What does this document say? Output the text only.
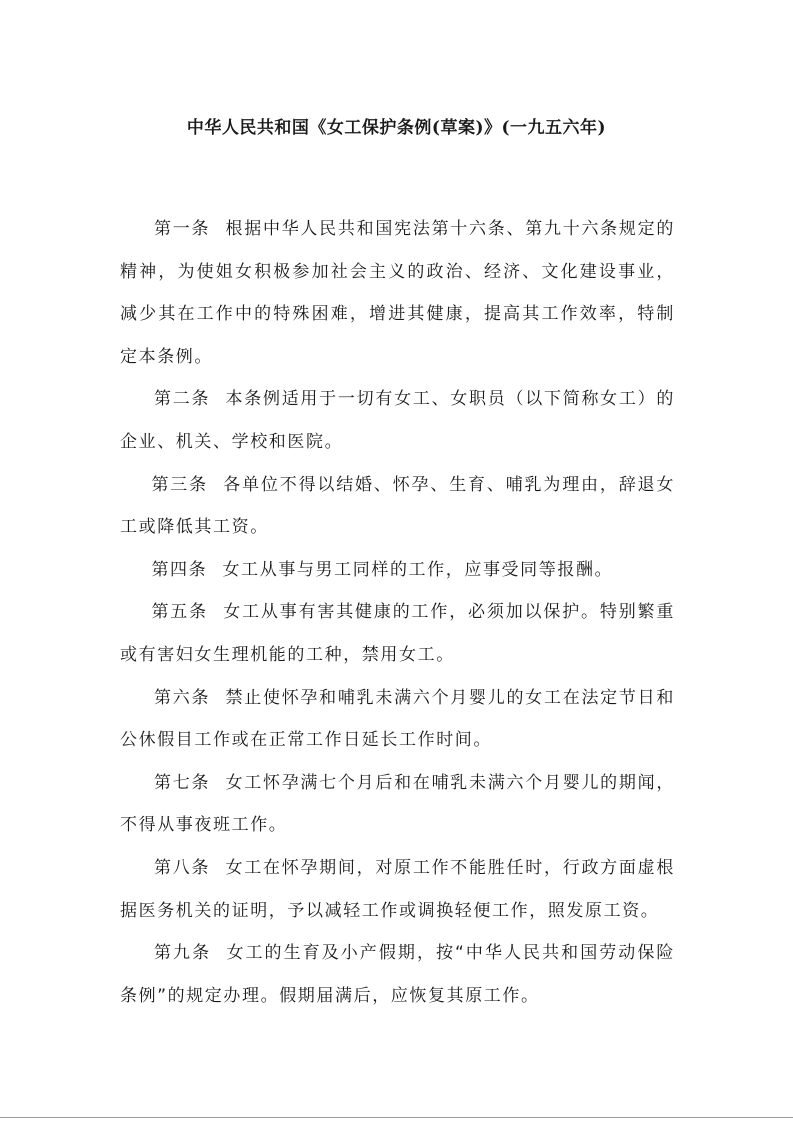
中华人民共和国《女工保护条例(草案)》(一九五六年)

第一条 根据中华人民共和国宪法第十六条、第九十六条规定的精神，为使姐女积极参加社会主义的政治、经济、文化建设事业，减少其在工作中的特殊困难，增进其健康，提高其工作效率，特制定本条例。

第二条 本条例适用于一切有女工、女职员（以下简称女工）的企业、机关、学校和医院。

第三条 各单位不得以结婚、怀孕、生育、哺乳为理由，辞退女工或降低其工资。

第四条 女工从事与男工同样的工作，应事受同等报酬。

第五条 女工从事有害其健康的工作，必须加以保护。特别繁重或有害妇女生理机能的工种，禁用女工。

第六条 禁止使怀孕和哺乳未满六个月婴儿的女工在法定节日和公休假目工作或在正常工作日延长工作时间。

第七条 女工怀孕满七个月后和在哺乳未满六个月婴儿的期闻，不得从事夜班工作。

第八条 女工在怀孕期间，对原工作不能胜任时，行政方面虚根据医务机关的证明，予以减轻工作或调换轻便工作，照发原工资。

第九条 女工的生育及小产假期，按“中华人民共和国劳动保险条例”的规定办理。假期届满后，应恢复其原工作。
